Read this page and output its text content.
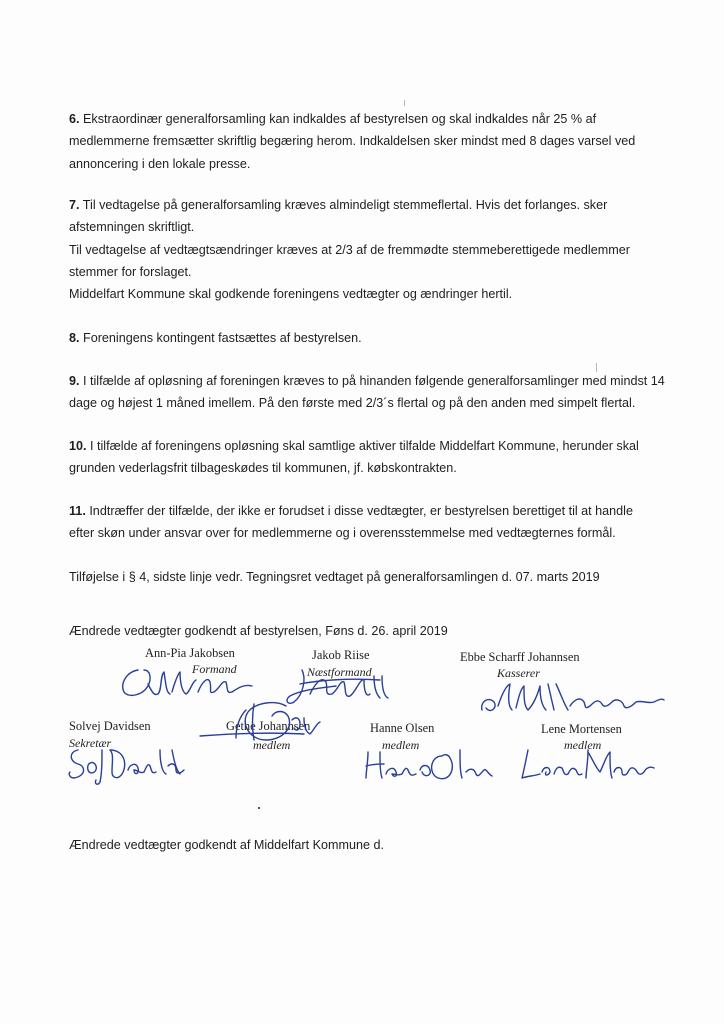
6. Ekstraordinær generalforsamling kan indkaldes af bestyrelsen og skal indkaldes når 25 % af
medlemmerne fremsætter skriftlig begæring herom. Indkaldelsen sker mindst med 8 dages varsel ved
annoncering i den lokale presse.
7. Til vedtagelse på generalforsamling kræves almindeligt stemmeflertal. Hvis det forlanges. sker
afstemningen skriftligt.
Til vedtagelse af vedtægtsændringer kræves at 2/3 af de fremmødte stemmeberettigede medlemmer
stemmer for forslaget.
Middelfart Kommune skal godkende foreningens vedtægter og ændringer hertil.
8. Foreningens kontingent fastsættes af bestyrelsen.
9. I tilfælde af opløsning af foreningen kræves to på hinanden følgende generalforsamlinger med mindst 14
dage og højest 1 måned imellem. På den første med 2/3´s flertal og på den anden med simpelt flertal.
10. I tilfælde af foreningens opløsning skal samtlige aktiver tilfalde Middelfart Kommune, herunder skal
grunden vederlagsfrit tilbageskødes til kommunen, jf. købskontrakten.
11. Indtræffer der tilfælde, der ikke er forudset i disse vedtægter, er bestyrelsen berettiget til at handle
efter skøn under ansvar over for medlemmerne og i overensstemmelse med vedtægternes formål.
Tilføjelse i § 4, sidste linje vedr. Tegningsret vedtaget på generalforsamlingen d. 07. marts 2019
Ændrede vedtægter godkendt af bestyrelsen, Føns d. 26. april 2019
Ann-Pia Jakobsen	Jakob Riise	Ebbe Scharff Johannsen
Solvej Davidsen	Gethe Johannsen	Hanne Olsen	Lene Mortensen
Formand	Næstformand	Kasserer
Sekretær	medlem	medlem	medlem
Ændrede vedtægter godkendt af Middelfart Kommune d.
